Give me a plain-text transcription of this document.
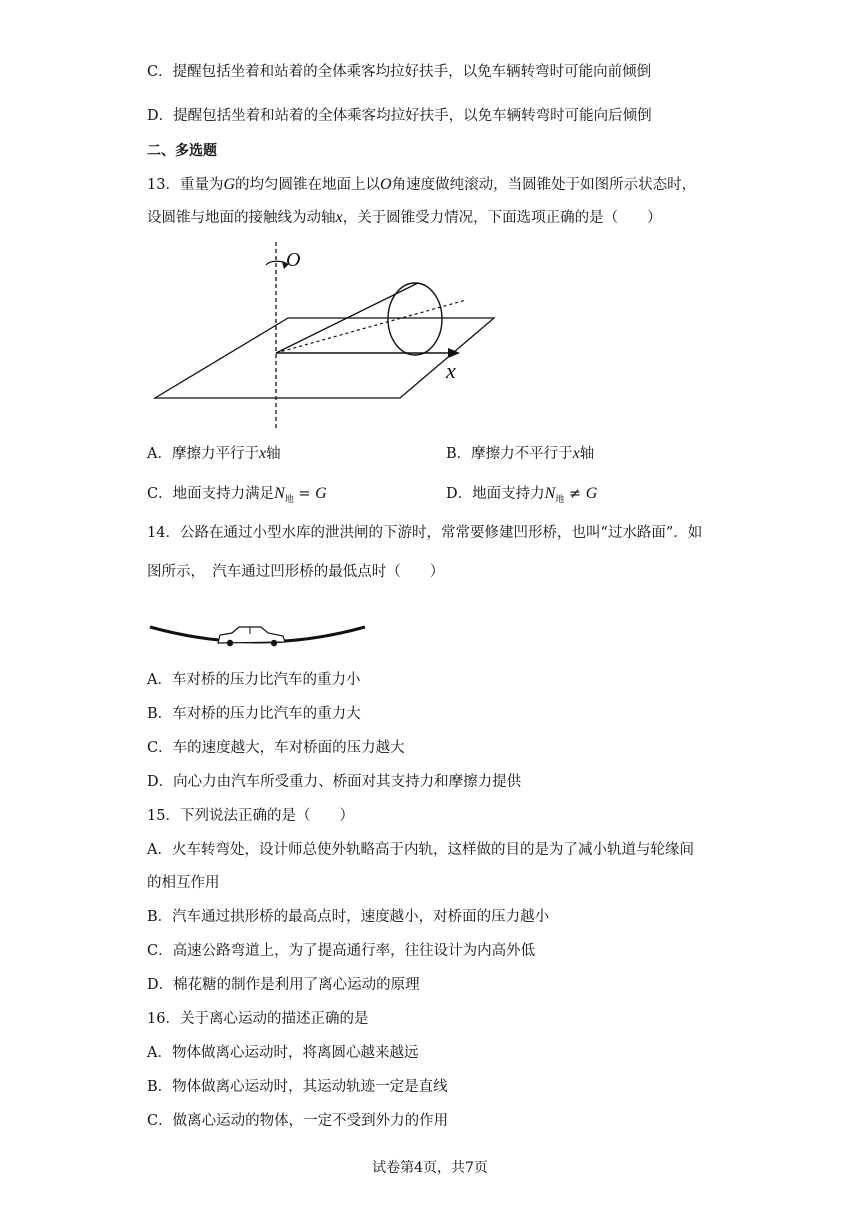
C．提醒包括坐着和站着的全体乘客均拉好扶手，以免车辆转弯时可能向前倾倒
D．提醒包括坐着和站着的全体乘客均拉好扶手，以免车辆转弯时可能向后倾倒
二、多选题
13．重量为G的均匀圆锥在地面上以O角速度做纯滚动，当圆锥处于如图所示状态时，
设圆锥与地面的接触线为动轴x，关于圆锥受力情况，下面选项正确的是（　　）
O
x
A．摩擦力平行于x轴	B．摩擦力不平行于x轴
C．地面支持力满足$N_地 = G$	D．地面支持力$N_地 \ne G$
14．公路在通过小型水库的泄洪闸的下游时，常常要修建凹形桥，也叫“过水路面”．如
图所示，　汽车通过凹形桥的最低点时（　　）
A．车对桥的压力比汽车的重力小
B．车对桥的压力比汽车的重力大
C．车的速度越大，车对桥面的压力越大
D．向心力由汽车所受重力、桥面对其支持力和摩擦力提供
15．下列说法正确的是（　　）
A．火车转弯处，设计师总使外轨略高于内轨，这样做的目的是为了减小轨道与轮缘间
的相互作用
B．汽车通过拱形桥的最高点时，速度越小，对桥面的压力越小
C．高速公路弯道上，为了提高通行率，往往设计为内高外低
D．棉花糖的制作是利用了离心运动的原理
16．关于离心运动的描述正确的是
A．物体做离心运动时，将离圆心越来越远
B．物体做离心运动时，其运动轨迹一定是直线
C．做离心运动的物体，一定不受到外力的作用
试卷第4页，共7页
